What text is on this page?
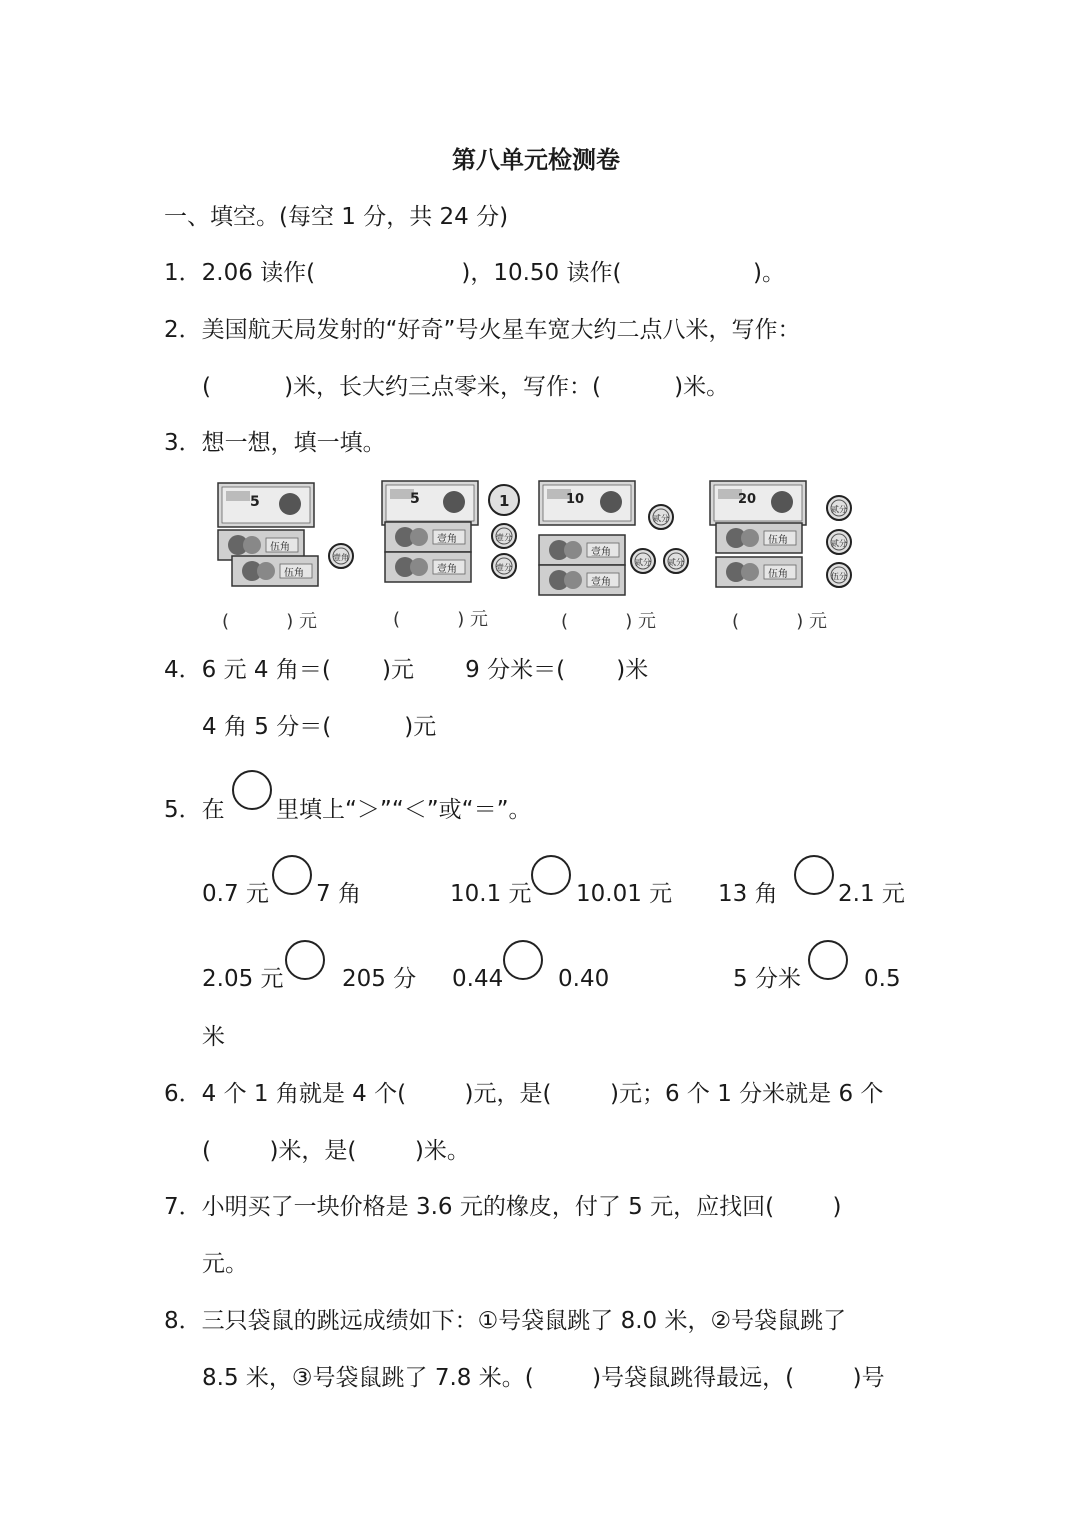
第八单元检测卷
一、填空。(每空 1 分，共 24 分)
1．2.06 读作(                    )，10.50 读作(                  )。
2．美国航天局发射的“好奇”号火星车宽大约二点八米，写作：
(          )米，长大约三点零米，写作：(          )米。
3．想一想，填一填。
5
伍角
伍角
壹角
5
壹角
壹角
1
壹分
壹分
10
贰分
壹角
壹角
贰分 贰分
20
伍角
伍角
贰分
贰分
伍分
中国人民银行
(          ) 元	(          ) 元	(          ) 元	(          ) 元
4．6 元 4 角＝(       )元       9 分米＝(       )米
4 角 5 分＝(          )元
5．在 里填上“＞”“＜”或“＝”。
0.7 元 7 角	10.1 元 10.01 元 13 角	2.1 元
2.05 元	205 分 0.44 0.40	5 分米	0.5
米
6．4 个 1 角就是 4 个(        )元，是(        )元；6 个 1 分米就是 6 个
(        )米，是(        )米。
7．小明买了一块价格是 3.6 元的橡皮，付了 5 元，应找回(        )
元。
8．三只袋鼠的跳远成绩如下：①号袋鼠跳了 8.0 米，②号袋鼠跳了
8.5 米，③号袋鼠跳了 7.8 米。(        )号袋鼠跳得最远，(        )号
